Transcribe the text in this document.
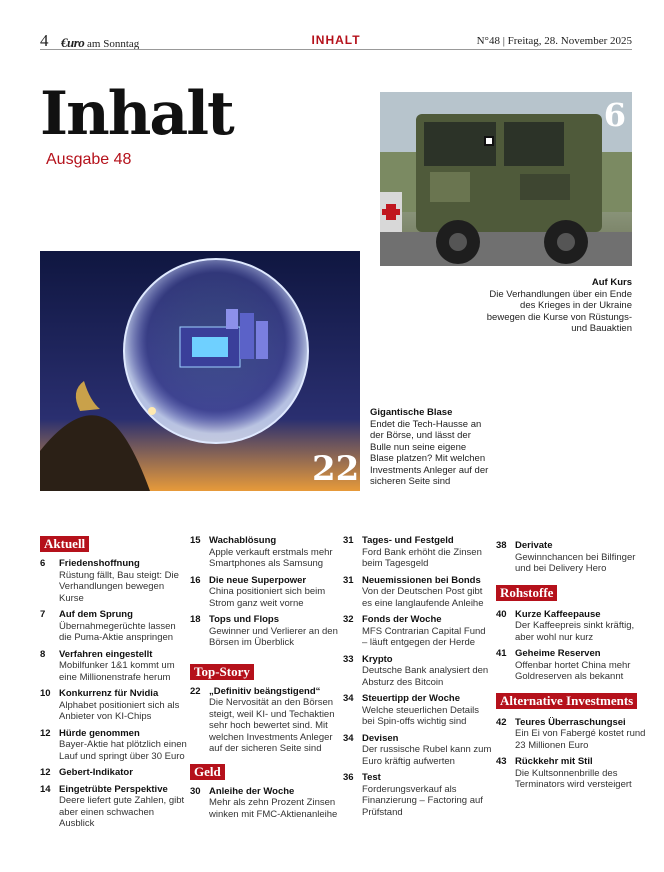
4 €uro am Sonntag	INHALT	N°48 | Freitag, 28. November 2025
Inhalt
Ausgabe 48
6
22
Auf Kurs
Die Verhandlungen über ein Ende des Krieges in der Ukraine bewegen die Kurse von Rüstungs- und Bauaktien
Gigantische Blase
Endet die Tech-Hausse an der Börse, und lässt der Bulle nun seine eigene Blase platzen? Mit welchen Investments Anleger auf der sicheren Seite sind
Aktuell
6	Friedenshoffnung
Rüstung fällt, Bau steigt: Die Verhandlungen bewegen Kurse
7	Auf dem Sprung
Übernahmegerüchte lassen die Puma-Aktie anspringen
8	Verfahren eingestellt
Mobilfunker 1&1 kommt um eine Millionenstrafe herum
10 Konkurrenz für Nvidia
Alphabet positioniert sich als Anbieter von KI-Chips
12 Hürde genommen
Bayer-Aktie hat plötzlich einen Lauf und springt über 30 Euro
12 Gebert-Indikator
14 Eingetrübte Perspektive
Deere liefert gute Zahlen, gibt aber einen schwachen Ausblick
15 Wachablösung
Apple verkauft erstmals mehr Smartphones als Samsung
16 Die neue Superpower
China positioniert sich beim Strom ganz weit vorne
18 Tops und Flops
Gewinner und Verlierer an den Börsen im Überblick
Top-Story
22 „Definitiv beängstigend“
Die Nervosität an den Börsen steigt, weil KI- und Techaktien sehr hoch bewertet sind. Mit welchen Investments Anleger auf der sicheren Seite sind
Geld
30 Anleihe der Woche
Mehr als zehn Prozent Zinsen winken mit FMC-Aktienanleihe
31 Tages- und Festgeld
Ford Bank erhöht die Zinsen beim Tagesgeld
31 Neuemissionen bei Bonds
Von der Deutschen Post gibt es eine langlaufende Anleihe
32 Fonds der Woche
MFS Contrarian Capital Fund – läuft entgegen der Herde
33 Krypto
Deutsche Bank analysiert den Absturz des Bitcoin
34 Steuertipp der Woche
Welche steuerlichen Details bei Spin-offs wichtig sind
34 Devisen
Der russische Rubel kann zum Euro kräftig aufwerten
36 Test
Forderungsverkauf als Finanzierung – Factoring auf Prüfstand
38 Derivate
Gewinnchancen bei Bilfinger und bei Delivery Hero
Rohstoffe
40 Kurze Kaffeepause
Der Kaffeepreis sinkt kräftig, aber wohl nur kurz
41 Geheime Reserven
Offenbar hortet China mehr Goldreserven als bekannt
Alternative Investments
42 Teures Überraschungsei
Ein Ei von Fabergé kostet rund 23 Millionen Euro
43 Rückkehr mit Stil
Die Kultsonnenbrille des Terminators wird versteigert
